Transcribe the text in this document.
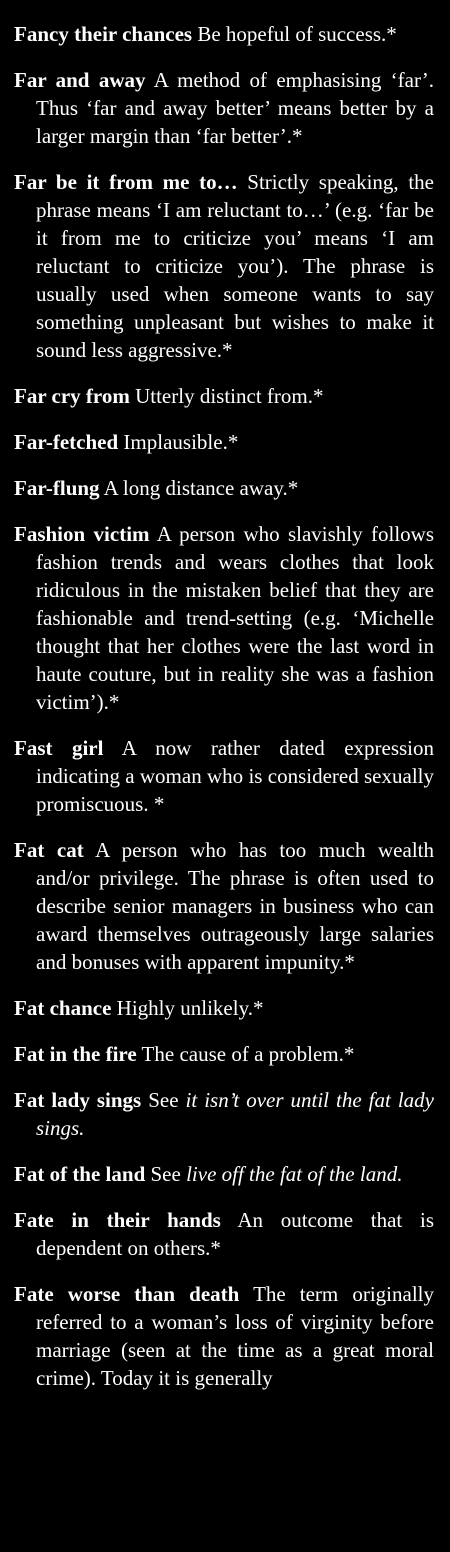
Fancy their chances Be hopeful of success.*

Far and away A method of emphasising ‘far’. Thus ‘far and away better’ means better by a larger margin than ‘far better’.*

Far be it from me to… Strictly speaking, the phrase means ‘I am reluctant to…’ (e.g. ‘far be it from me to criticize you’ means ‘I am reluctant to criticize you’). The phrase is usually used when someone wants to say something unpleasant but wishes to make it sound less aggressive.*

Far cry from Utterly distinct from.*

Far-fetched Implausible.*

Far-flung A long distance away.*

Fashion victim A person who slavishly follows fashion trends and wears clothes that look ridiculous in the mistaken belief that they are fashionable and trend-setting (e.g. ‘Michelle thought that her clothes were the last word in haute couture, but in reality she was a fashion victim’).*

Fast girl A now rather dated expression indicating a woman who is considered sexually promiscuous. *

Fat cat A person who has too much wealth and/or privilege. The phrase is often used to describe senior managers in business who can award themselves outrageously large salaries and bonuses with apparent impunity.*

Fat chance Highly unlikely.*

Fat in the fire The cause of a problem.*

Fat lady sings See it isn’t over until the fat lady sings.

Fat of the land See live off the fat of the land.

Fate in their hands An outcome that is dependent on others.*

Fate worse than death The term originally referred to a woman’s loss of virginity before marriage (seen at the time as a great moral crime). Today it is generally
